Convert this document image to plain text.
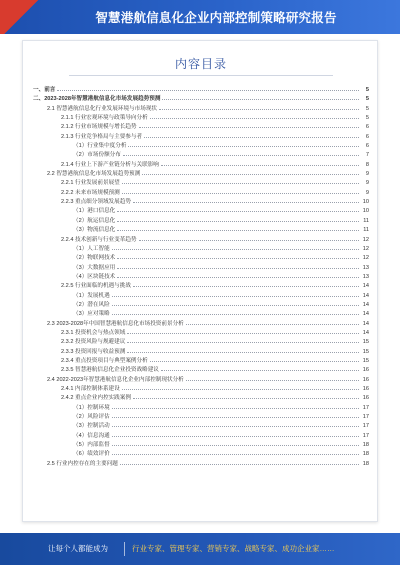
智慧港航信息化企业内部控制策略研究报告
内容目录
一、前言	5
二、2023-2028年智慧港航信息化市场发展趋势预测	5
2.1 智慧港航信息化行业发展环境与市场现状	5
2.1.1 行业宏观环境与政策导向分析	5
2.1.2 行业市场规模与增长趋势	6
2.1.3 行业竞争格局与主要参与者	6
（1）行业集中度分析	6
（2）市场份额分布	7
2.1.4 行业上下游产业链分析与关联影响	8
2.2 智慧港航信息化市场发展趋势预测	9
2.2.1 行业发展前景展望	9
2.2.2 未来市场规模预测	9
2.2.3 重点细分领域发展趋势	10
（1）港口信息化	10
（2）航运信息化	11
（3）物流信息化	11
2.2.4 技术创新与行业变革趋势	12
（1）人工智能	12
（2）物联网技术	12
（3）大数据应用	13
（4）区块链技术	13
2.2.5 行业面临的机遇与挑战	14
（1）发展机遇	14
（2）潜在风险	14
（3）应对策略	14
2.3 2023-2028年中国智慧港航信息化市场投资前景分析	14
2.3.1 投资机会与热点领域	14
2.3.2 投资风险与规避建议	15
2.3.3 投资回报与收益预测	15
2.3.4 重点投资项目与典型案例分析	15
2.3.5 智慧港航信息化企业投资战略建议	16
2.4 2022-2023年智慧港航信息化企业内部控制现状分析	16
2.4.1 内部控制体系建设	16
2.4.2 重点企业内控实践案例	16
（1）控制环境	17
（2）风险评估	17
（3）控制活动	17
（4）信息沟通	17
（5）内部监督	18
（6）绩效评价	18
2.5 行业内控存在的主要问题	18
让每个人都能成为	行业专家、管理专家、营销专家、战略专家、成功企业家……
